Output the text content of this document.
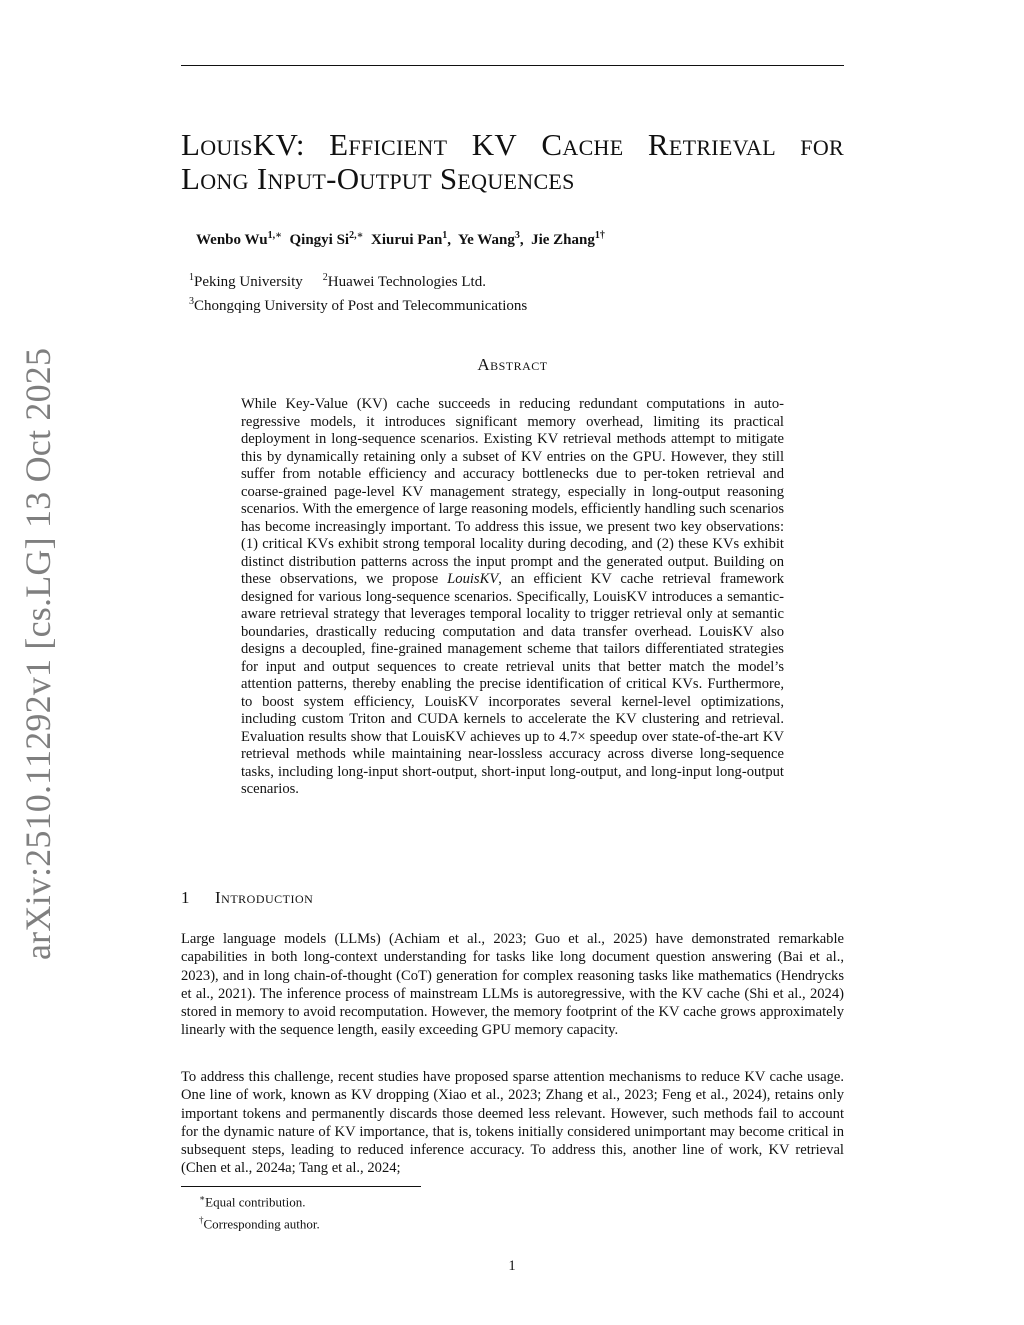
arXiv:2510.11292v1 [cs.LG] 13 Oct 2025
LouisKV: Efficient KV Cache Retrieval for
Long Input-Output Sequences
Wenbo $Wu^{1,∗}$ Qingyi $Si^{2,∗}$ Xiurui Pan$^1$,  Ye Wang$^3$,  Jie Zhang$^{1\dagger}$
$^1$Peking University $^2$Huawei Technologies Ltd.
$^3$Chongqing University of Post and Telecommunications
Abstract
While Key-Value (KV) cache succeeds in reducing redundant computations in auto-regressive models, it introduces significant memory overhead, limiting its practical deployment in long-sequence scenarios. Existing KV retrieval methods attempt to mitigate this by dynamically retaining only a subset of KV entries on the GPU. However, they still suffer from notable efficiency and accuracy bottlenecks due to per-token retrieval and coarse-grained page-level KV management strategy, especially in long-output reasoning scenarios. With the emergence of large reasoning models, efficiently handling such scenarios has become increasingly important. To address this issue, we present two key observations: (1) critical KVs exhibit strong temporal locality during decoding, and (2) these KVs exhibit distinct distribution patterns across the input prompt and the generated output. Building on these observations, we propose LouisKV, an efficient KV cache retrieval framework designed for various long-sequence scenarios. Specifically, LouisKV introduces a semantic-aware retrieval strategy that leverages temporal locality to trigger retrieval only at semantic boundaries, drastically reducing computation and data transfer overhead. LouisKV also designs a decoupled, fine-grained management scheme that tailors differentiated strategies for input and output sequences to create retrieval units that better match the model’s attention patterns, thereby enabling the precise identification of critical KVs. Furthermore, to boost system efficiency, LouisKV incorporates several kernel-level optimizations, including custom Triton and CUDA kernels to accelerate the KV clustering and retrieval. Evaluation results show that LouisKV achieves up to 4.7× speedup over state-of-the-art KV retrieval methods while maintaining near-lossless accuracy across diverse long-sequence tasks, including long-input short-output, short-input long-output, and long-input long-output scenarios.
1 Introduction

Large language models (LLMs) (Achiam et al., 2023; Guo et al., 2025) have demonstrated remarkable capabilities in both long-context understanding for tasks like long document question answering (Bai et al., 2023), and in long chain-of-thought (CoT) generation for complex reasoning tasks like mathematics (Hendrycks et al., 2021). The inference process of mainstream LLMs is autoregressive, with the KV cache (Shi et al., 2024) stored in memory to avoid recomputation. However, the memory footprint of the KV cache grows approximately linearly with the sequence length, easily exceeding GPU memory capacity.

To address this challenge, recent studies have proposed sparse attention mechanisms to reduce KV cache usage. One line of work, known as KV dropping (Xiao et al., 2023; Zhang et al., 2023; Feng et al., 2024), retains only important tokens and permanently discards those deemed less relevant. However, such methods fail to account for the dynamic nature of KV importance, that is, tokens initially considered unimportant may become critical in subsequent steps, leading to reduced inference accuracy. To address this, another line of work, KV retrieval (Chen et al., 2024a; Tang et al., 2024;

∗Equal contribution.
†Corresponding author.
1
